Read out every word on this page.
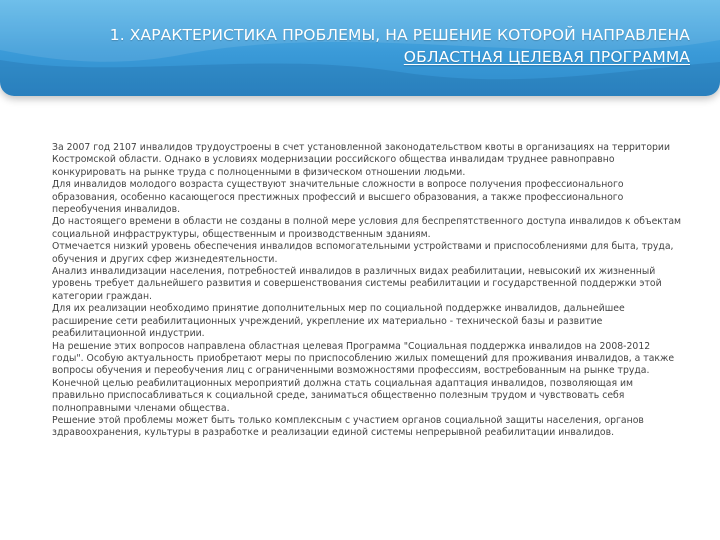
1. ХАРАКТЕРИСТИКА ПРОБЛЕМЫ, НА РЕШЕНИЕ КОТОРОЙ НАПРАВЛЕНА
ОБЛАСТНАЯ ЦЕЛЕВАЯ ПРОГРАММА
За 2007 год 2107 инвалидов трудоустроены в счет установленной законодательством квоты в организациях на территории Костромской области. Однако в условиях модернизации российского общества инвалидам труднее равноправно конкурировать на рынке труда с полноценными в физическом отношении людьми.
Для инвалидов молодого возраста существуют значительные сложности в вопросе получения профессионального образования, особенно касающегося престижных профессий и высшего образования, а также профессионального переобучения инвалидов.
До настоящего времени в области не созданы в полной мере условия для беспрепятственного доступа инвалидов к объектам социальной инфраструктуры, общественным и производственным зданиям.
Отмечается низкий уровень обеспечения инвалидов вспомогательными устройствами и приспособлениями для быта, труда, обучения и других сфер жизнедеятельности.
Анализ инвалидизации населения, потребностей инвалидов в различных видах реабилитации, невысокий их жизненный уровень требует дальнейшего развития и совершенствования системы реабилитации и государственной поддержки этой категории граждан.
Для их реализации необходимо принятие дополнительных мер по социальной поддержке инвалидов, дальнейшее расширение сети реабилитационных учреждений, укрепление их материально - технической базы и развитие реабилитационной индустрии.
На решение этих вопросов направлена областная целевая Программа "Социальная поддержка инвалидов на 2008-2012 годы". Особую актуальность приобретают меры по приспособлению жилых помещений для проживания инвалидов, а также вопросы обучения и переобучения лиц с ограниченными возможностями профессиям, востребованным на рынке труда.
Конечной целью реабилитационных мероприятий должна стать социальная адаптация инвалидов, позволяющая им правильно приспосабливаться к социальной среде, заниматься общественно полезным трудом и чувствовать себя полноправными членами общества.
Решение этой проблемы может быть только комплексным с участием органов социальной защиты населения, органов здравоохранения, культуры в разработке и реализации единой системы непрерывной реабилитации инвалидов.
